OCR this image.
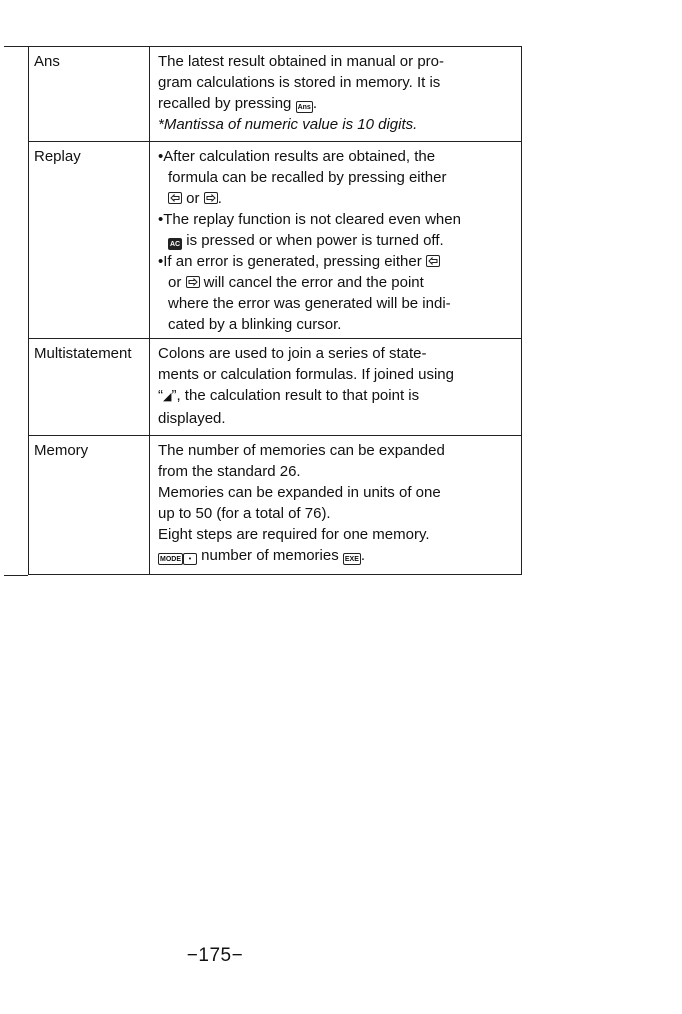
Ans	The latest result obtained in manual or pro-
gram calculations is stored in memory. It is
recalled by pressing Ans .
*Mantissa of numeric value is 10 digits.
Replay	•After calculation results are obtained, the
formula can be recalled by pressing either
or
.
•The replay function is not cleared even when
AC is pressed or when power is turned off.
•If an error is generated, pressing either
or
will cancel the error and the point
where the error was generated will be indi-
cated by a blinking cursor.
Multistatement	Colons are used to join a series of state-
ments or calculation formulas. If joined using
“◢”, the calculation result to that point is
displayed.
Memory	The number of memories can be expanded
from the standard 26.
Memories can be expanded in units of one
up to 50 (for a total of 76).
Eight steps are required for one memory.
MODE • number of memories EXE .
−175−
